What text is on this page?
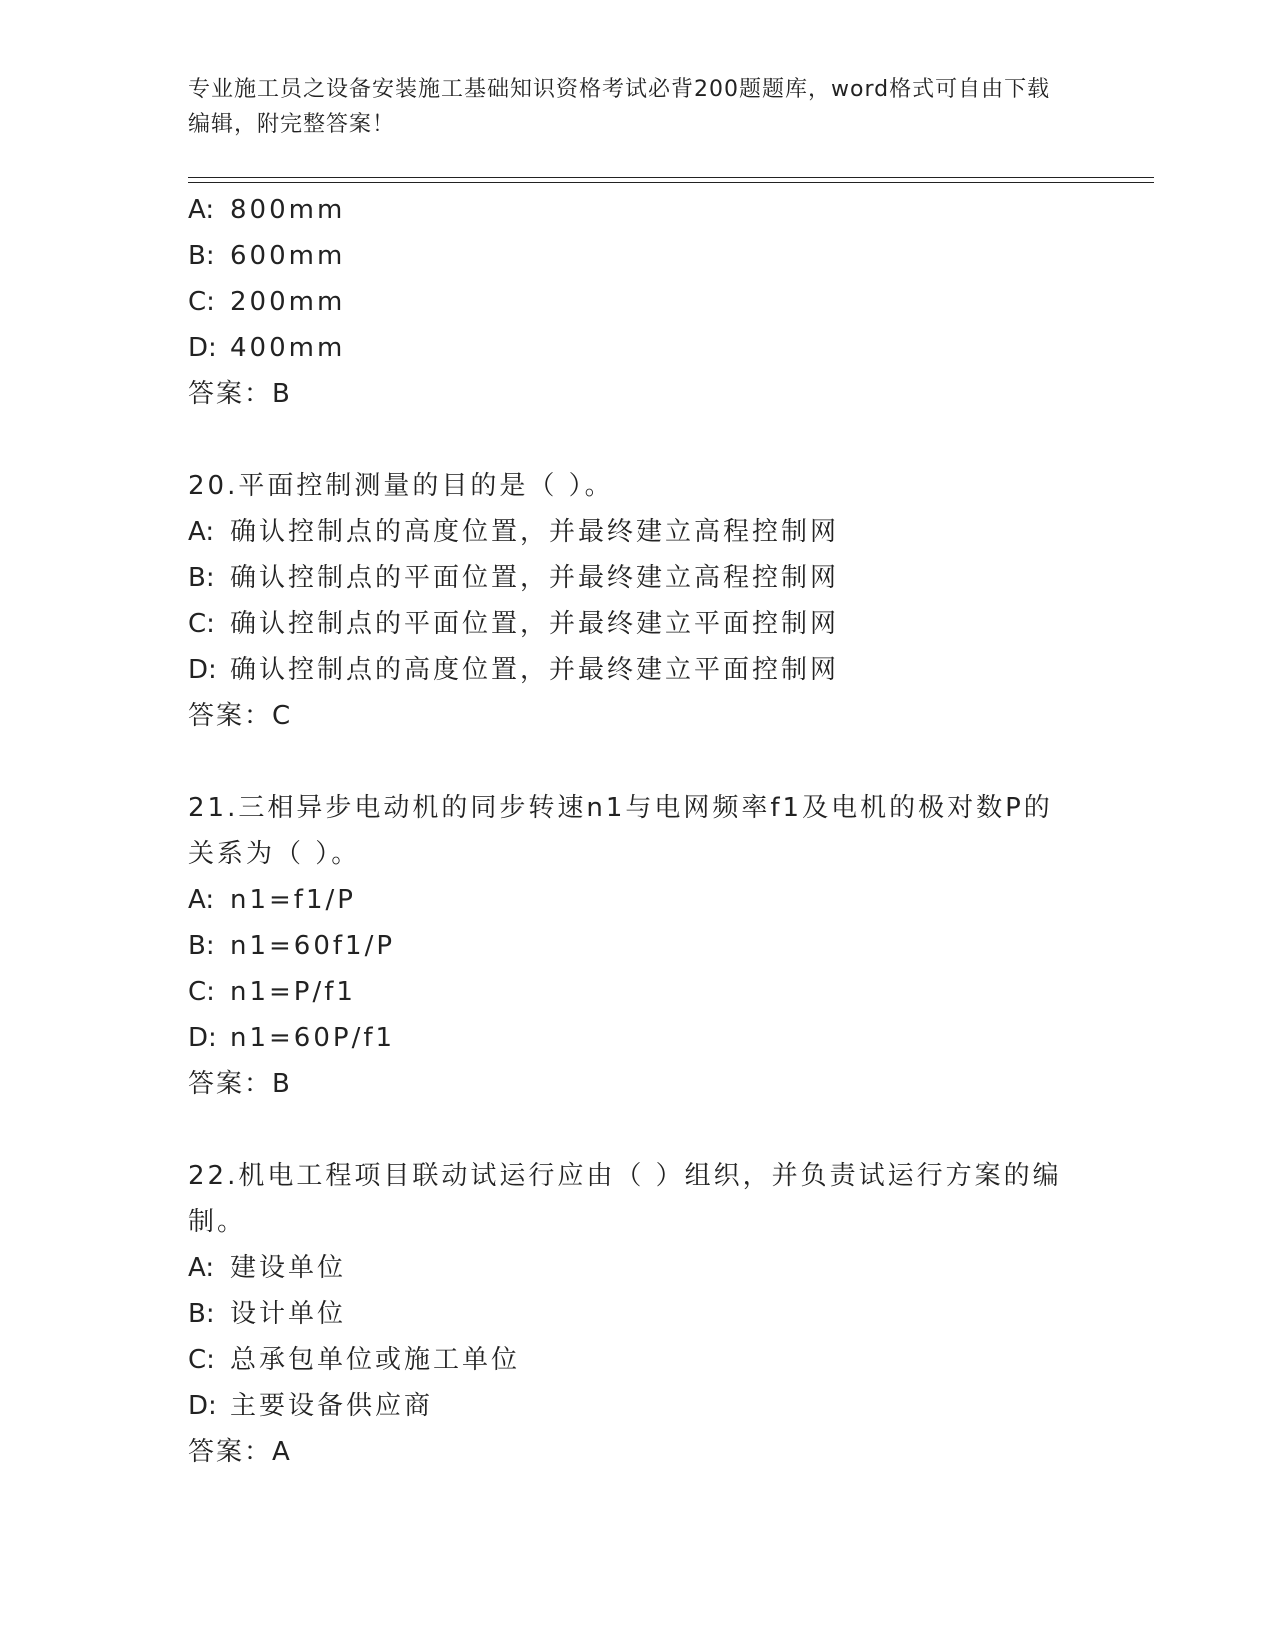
专业施工员之设备安装施工基础知识资格考试必背200题题库，word格式可自由下载编辑，附完整答案！
A: 800mm
B: 600mm
C: 200mm
D: 400mm
答案：B
20.平面控制测量的目的是（ ）。
A: 确认控制点的高度位置，并最终建立高程控制网
B: 确认控制点的平面位置，并最终建立高程控制网
C: 确认控制点的平面位置，并最终建立平面控制网
D: 确认控制点的高度位置，并最终建立平面控制网
答案：C
21.三相异步电动机的同步转速n1与电网频率f1及电机的极对数P的关系为（ ）。
A: n1=f1/P
B: n1=60f1/P
C: n1=P/f1
D: n1=60P/f1
答案：B
22.机电工程项目联动试运行应由（ ）组织，并负责试运行方案的编制。
A: 建设单位
B: 设计单位
C: 总承包单位或施工单位
D: 主要设备供应商
答案：A
